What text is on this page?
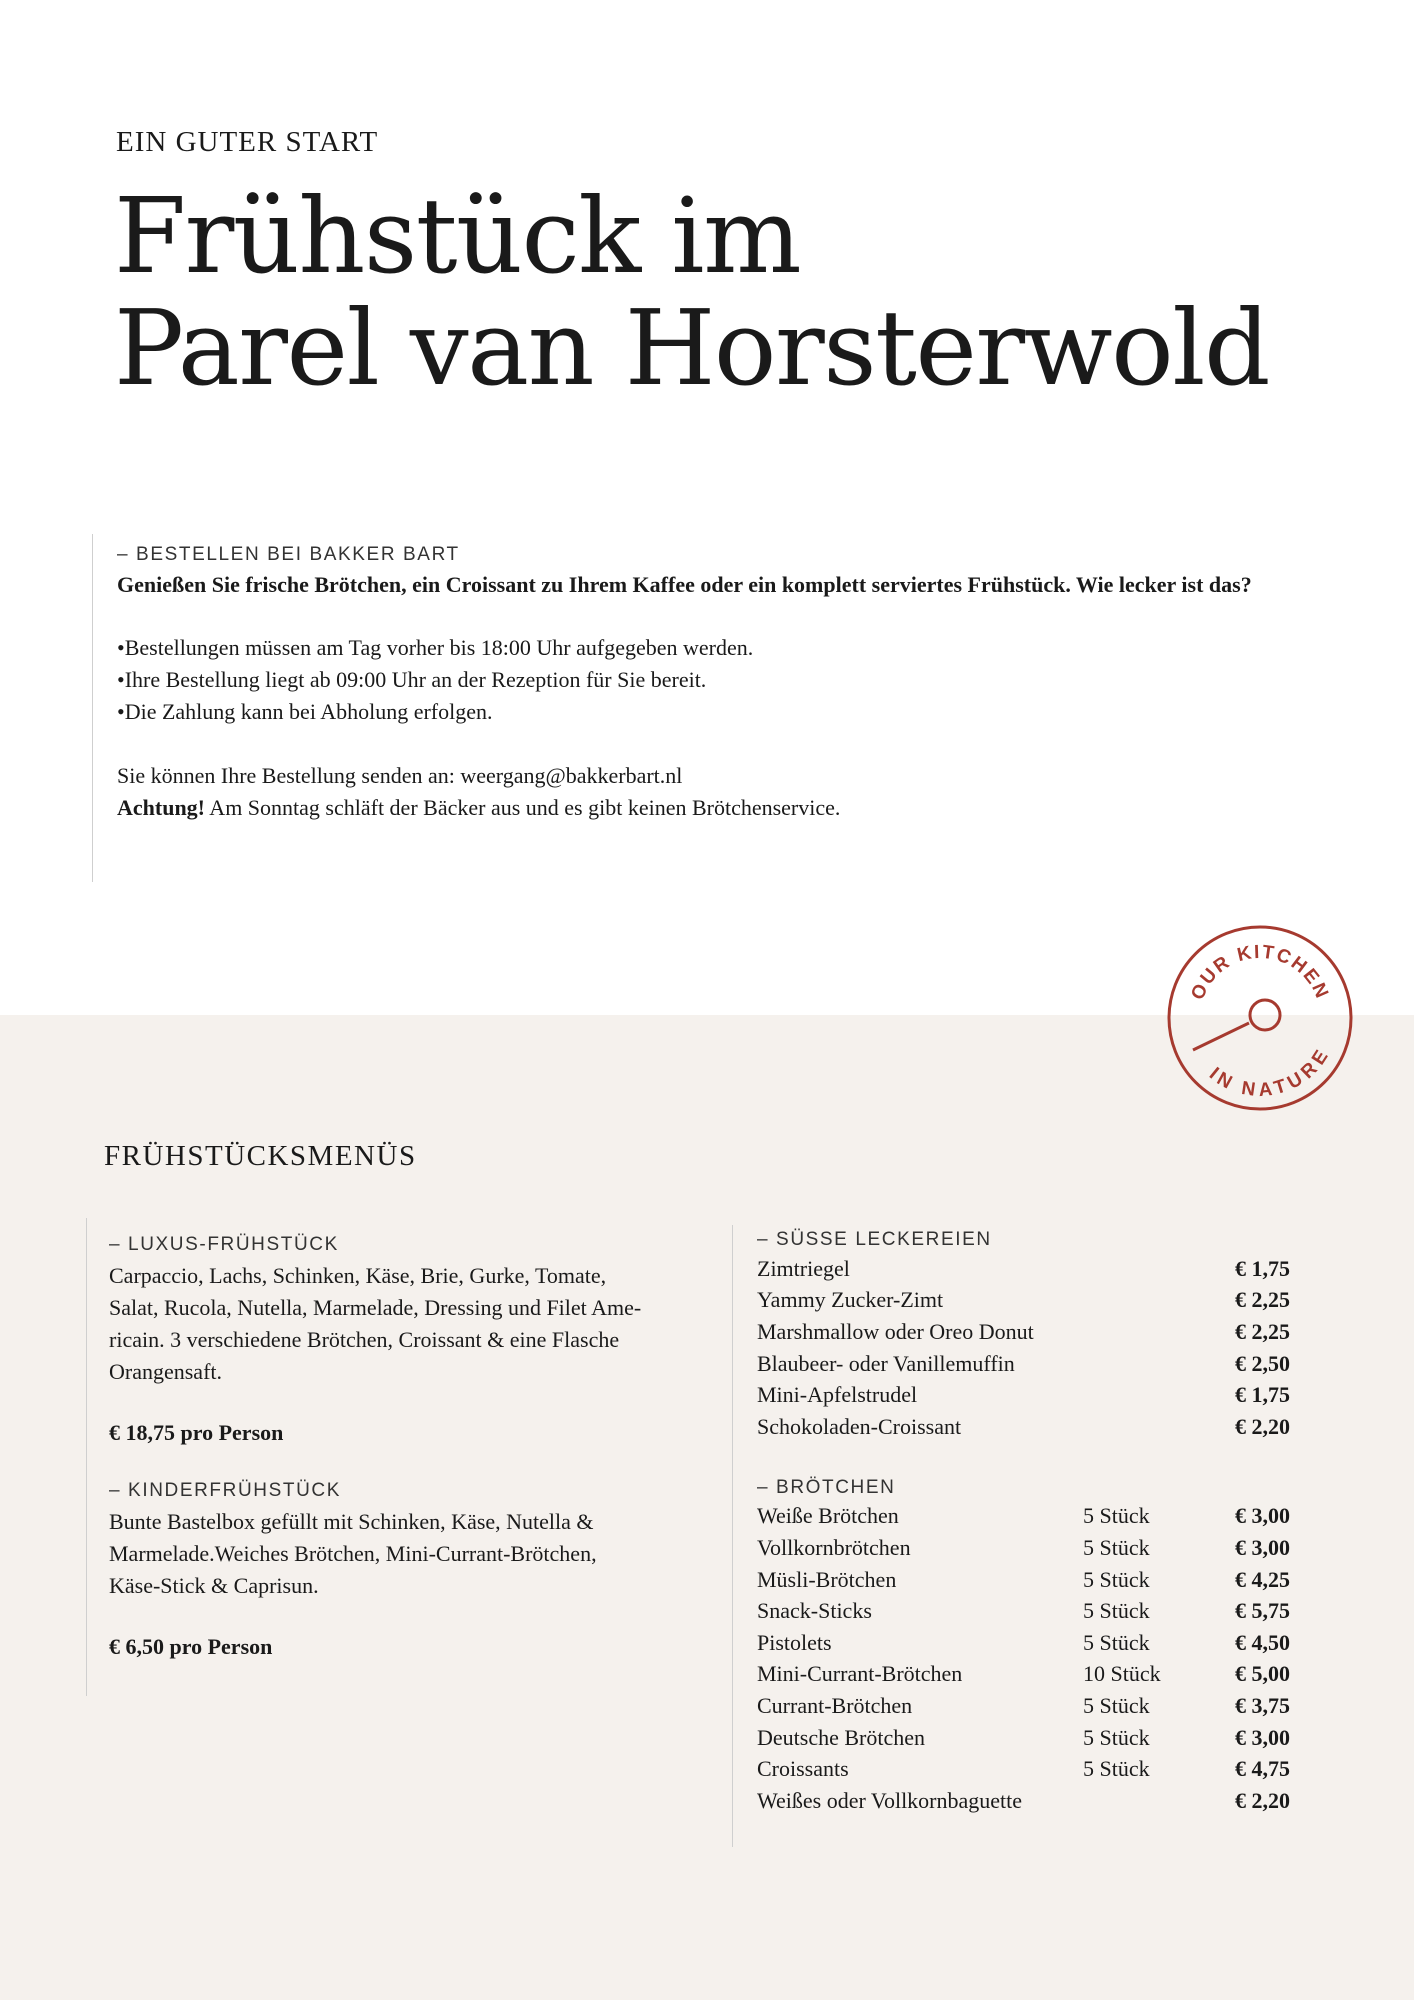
EIN GUTER START
Frühstück im
Parel van Horsterwold
– BESTELLEN BEI BAKKER BART
Genießen Sie frische Brötchen, ein Croissant zu Ihrem Kaffee oder ein komplett serviertes Frühstück. Wie lecker ist das?
• Bestellungen müssen am Tag vorher bis 18:00 Uhr aufgegeben werden.
• Ihre Bestellung liegt ab 09:00 Uhr an der Rezeption für Sie bereit.
• Die Zahlung kann bei Abholung erfolgen.
Sie können Ihre Bestellung senden an: weergang@bakkerbart.nl
Achtung! Am Sonntag schläft der Bäcker aus und es gibt keinen Brötchenservice.
OUR KITCHEN
IN NATURE
FRÜHSTÜCKSMENÜS
– LUXUS-FRÜHSTÜCK
Carpaccio, Lachs, Schinken, Käse, Brie, Gurke, Tomate,
Salat, Rucola, Nutella, Marmelade, Dressing und Filet Ame-
ricain. 3 verschiedene Brötchen, Croissant & eine Flasche
Orangensaft.
€ 18,75 pro Person
– KINDERFRÜHSTÜCK
Bunte Bastelbox gefüllt mit Schinken, Käse, Nutella &
Marmelade.Weiches Brötchen, Mini-Currant-Brötchen,
Käse-Stick & Caprisun.
€ 6,50 pro Person
– SÜSSE LECKEREIEN
Zimtriegel		€ 1,75
Yammy Zucker-Zimt		€ 2,25
Marshmallow oder Oreo Donut		€ 2,25
Blaubeer- oder Vanillemuffin		€ 2,50
Mini-Apfelstrudel		€ 1,75
Schokoladen-Croissant		€ 2,20
– BRÖTCHEN
Weiße Brötchen	5 Stück	€ 3,00
Vollkornbrötchen	5 Stück	€ 3,00
Müsli-Brötchen	5 Stück	€ 4,25
Snack-Sticks	5 Stück	€ 5,75
Pistolets	5 Stück	€ 4,50
Mini-Currant-Brötchen	10 Stück	€ 5,00
Currant-Brötchen	5 Stück	€ 3,75
Deutsche Brötchen	5 Stück	€ 3,00
Croissants	5 Stück	€ 4,75
Weißes oder Vollkornbaguette		€ 2,20
